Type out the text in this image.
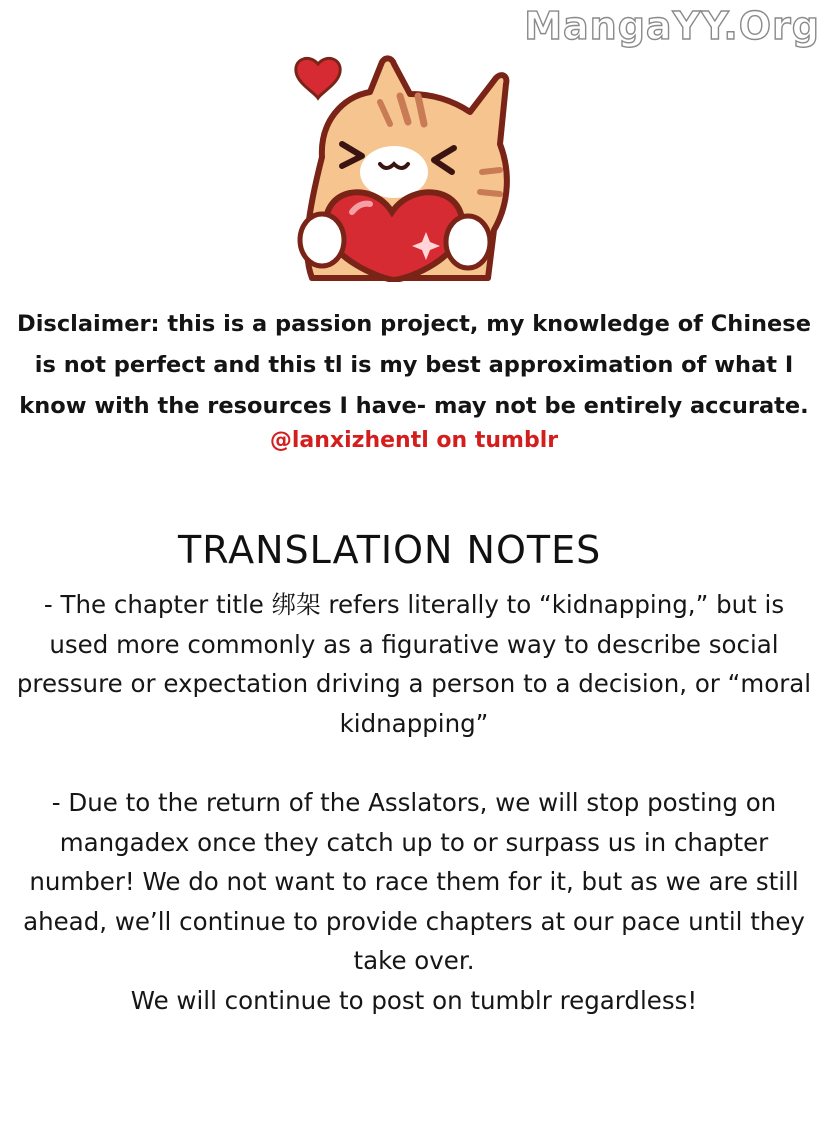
MangaYY.Org

Disclaimer: this is a passion project, my knowledge of Chinese is not perfect and this tl is my best approximation of what I know with the resources I have- may not be entirely accurate.

@lanxizhentl on tumblr

TRANSLATION NOTES

- The chapter title 绑架 refers literally to “kidnapping,” but is used more commonly as a figurative way to describe social pressure or expectation driving a person to a decision, or “moral kidnapping”

- Due to the return of the Asslators, we will stop posting on mangadex once they catch up to or surpass us in chapter number! We do not want to race them for it, but as we are still ahead, we’ll continue to provide chapters at our pace until they take over.
We will continue to post on tumblr regardless!
